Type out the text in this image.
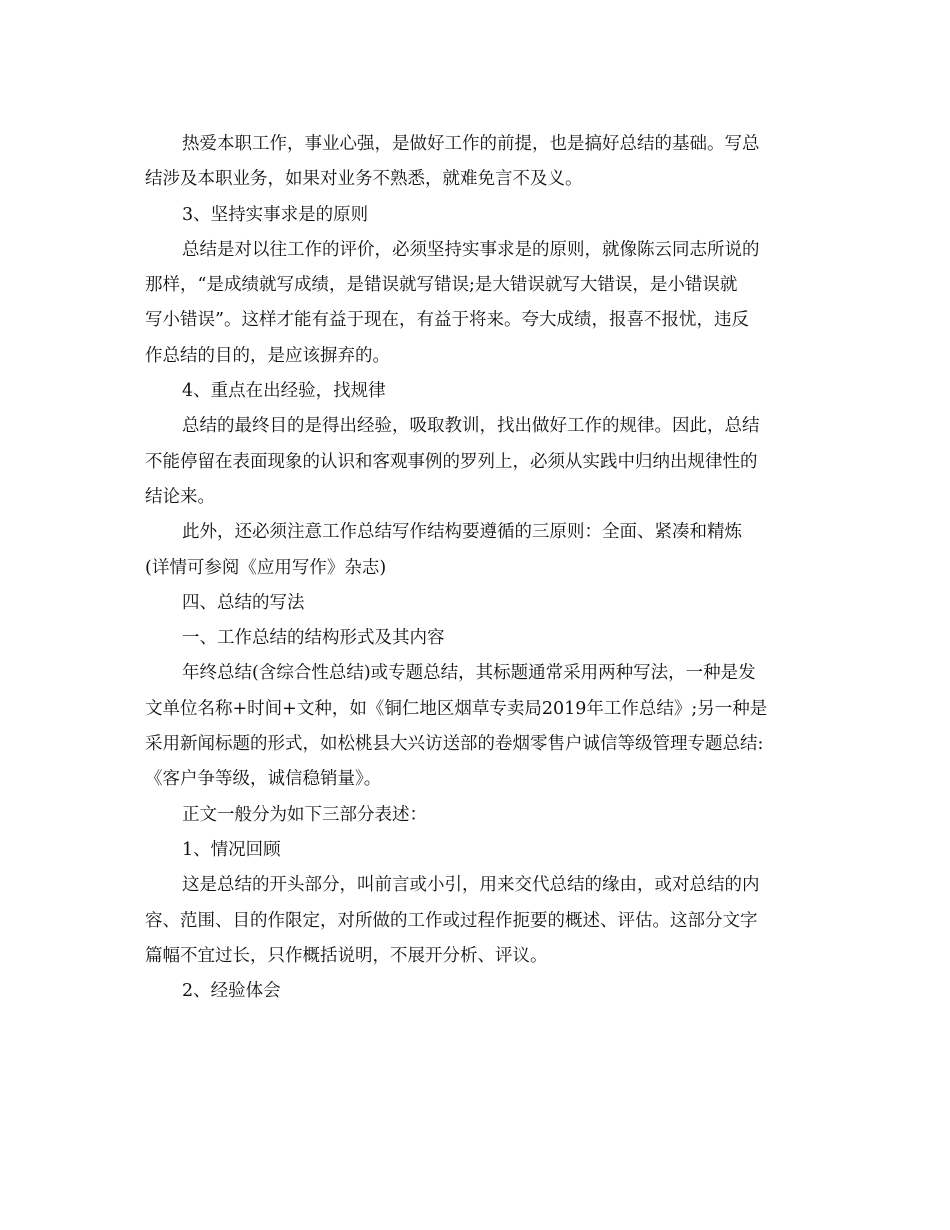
热爱本职工作，事业心强，是做好工作的前提，也是搞好总结的基础。写总
结涉及本职业务，如果对业务不熟悉，就难免言不及义。
3、坚持实事求是的原则
总结是对以往工作的评价，必须坚持实事求是的原则，就像陈云同志所说的
那样，“是成绩就写成绩，是错误就写错误;是大错误就写大错误，是小错误就
写小错误”。这样才能有益于现在，有益于将来。夸大成绩，报喜不报忧，违反
作总结的目的，是应该摒弃的。
4、重点在出经验，找规律
总结的最终目的是得出经验，吸取教训，找出做好工作的规律。因此，总结
不能停留在表面现象的认识和客观事例的罗列上，必须从实践中归纳出规律性的
结论来。
此外，还必须注意工作总结写作结构要遵循的三原则：全面、紧凑和精炼
(详情可参阅《应用写作》杂志)
四、总结的写法
一、工作总结的结构形式及其内容
年终总结(含综合性总结)或专题总结，其标题通常采用两种写法，一种是发
文单位名称+时间+文种，如《铜仁地区烟草专卖局2019年工作总结》;另一种是
采用新闻标题的形式，如松桃县大兴访送部的卷烟零售户诚信等级管理专题总结:
《客户争等级，诚信稳销量》。
正文一般分为如下三部分表述：
1、情况回顾
这是总结的开头部分，叫前言或小引，用来交代总结的缘由，或对总结的内
容、范围、目的作限定，对所做的工作或过程作扼要的概述、评估。这部分文字
篇幅不宜过长，只作概括说明，不展开分析、评议。
2、经验体会
